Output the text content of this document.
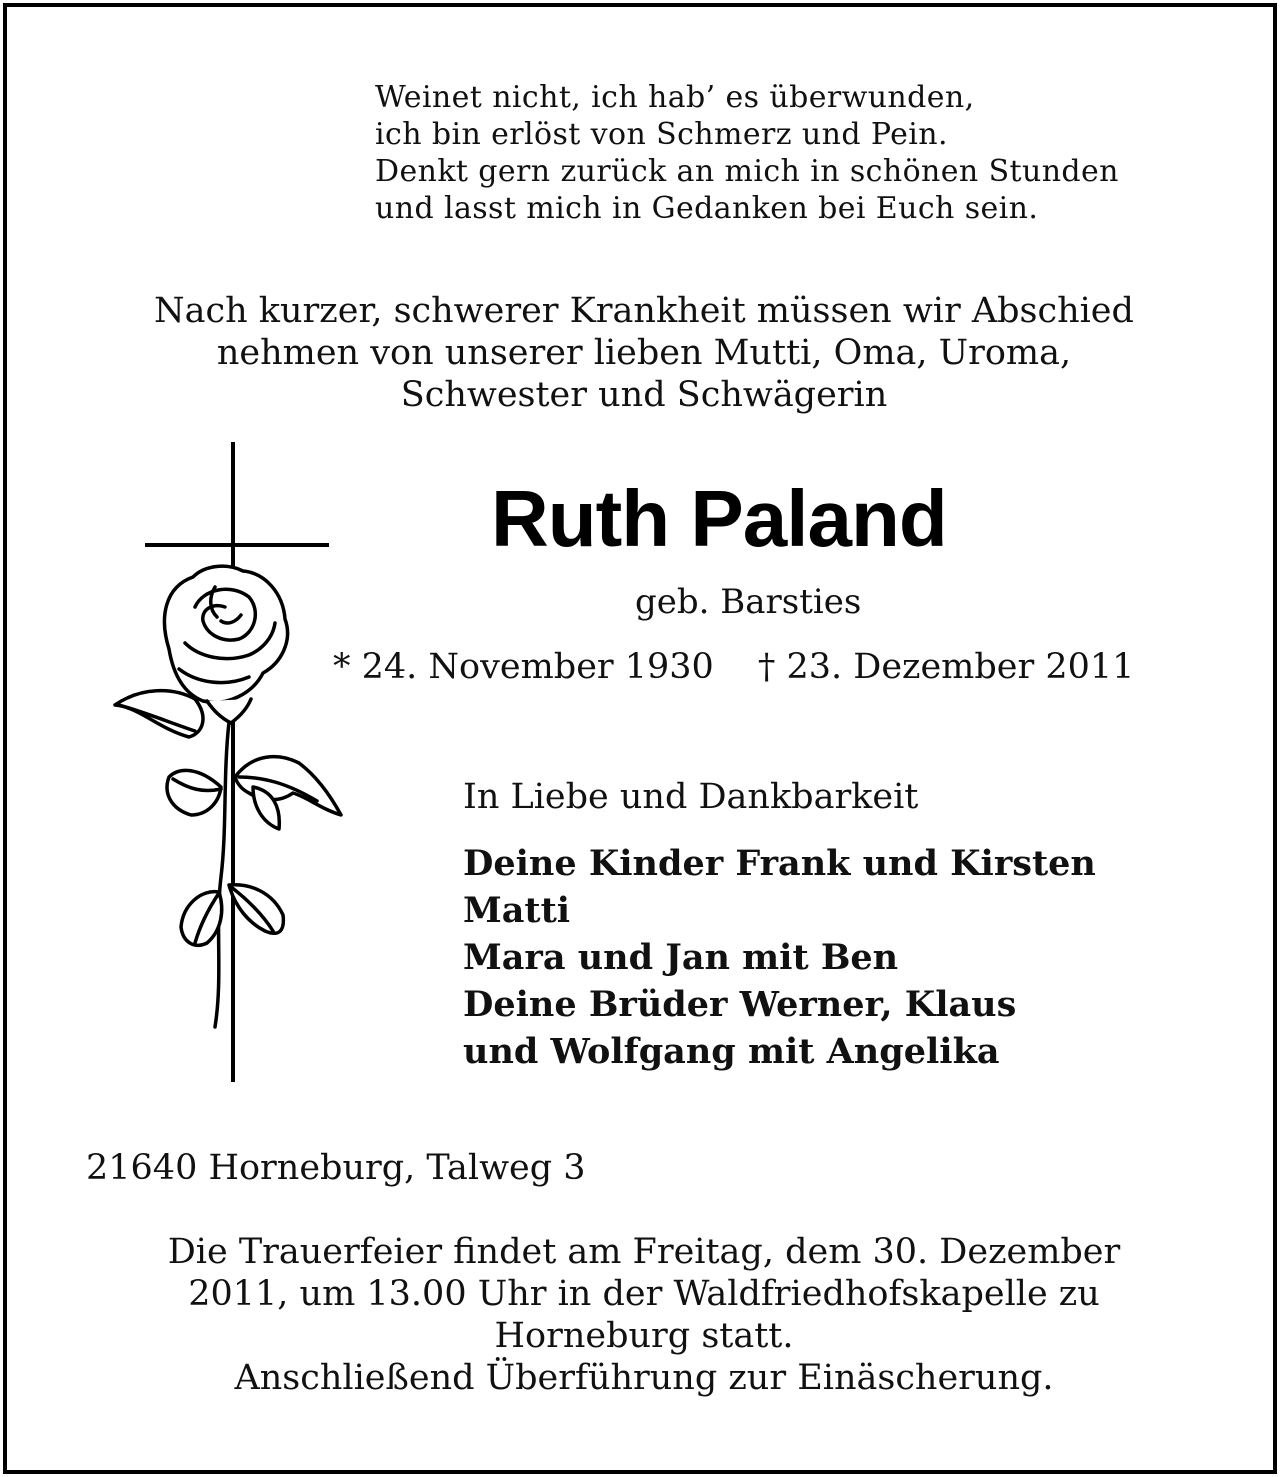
Weinet nicht, ich hab’ es überwunden,
ich bin erlöst von Schmerz und Pein.
Denkt gern zurück an mich in schönen Stunden
und lasst mich in Gedanken bei Euch sein.
Nach kurzer, schwerer Krankheit müssen wir Abschied
nehmen von unserer lieben Mutti, Oma, Uroma,
Schwester und Schwägerin
Ruth Paland
geb. Barsties
* 24. November 1930 † 23. Dezember 2011
In Liebe und Dankbarkeit
Deine Kinder Frank und Kirsten
Matti
Mara und Jan mit Ben
Deine Brüder Werner, Klaus
und Wolfgang mit Angelika
21640 Horneburg, Talweg 3
Die Trauerfeier findet am Freitag, dem 30. Dezember
2011, um 13.00 Uhr in der Waldfriedhofskapelle zu
Horneburg statt.
Anschließend Überführung zur Einäscherung.
